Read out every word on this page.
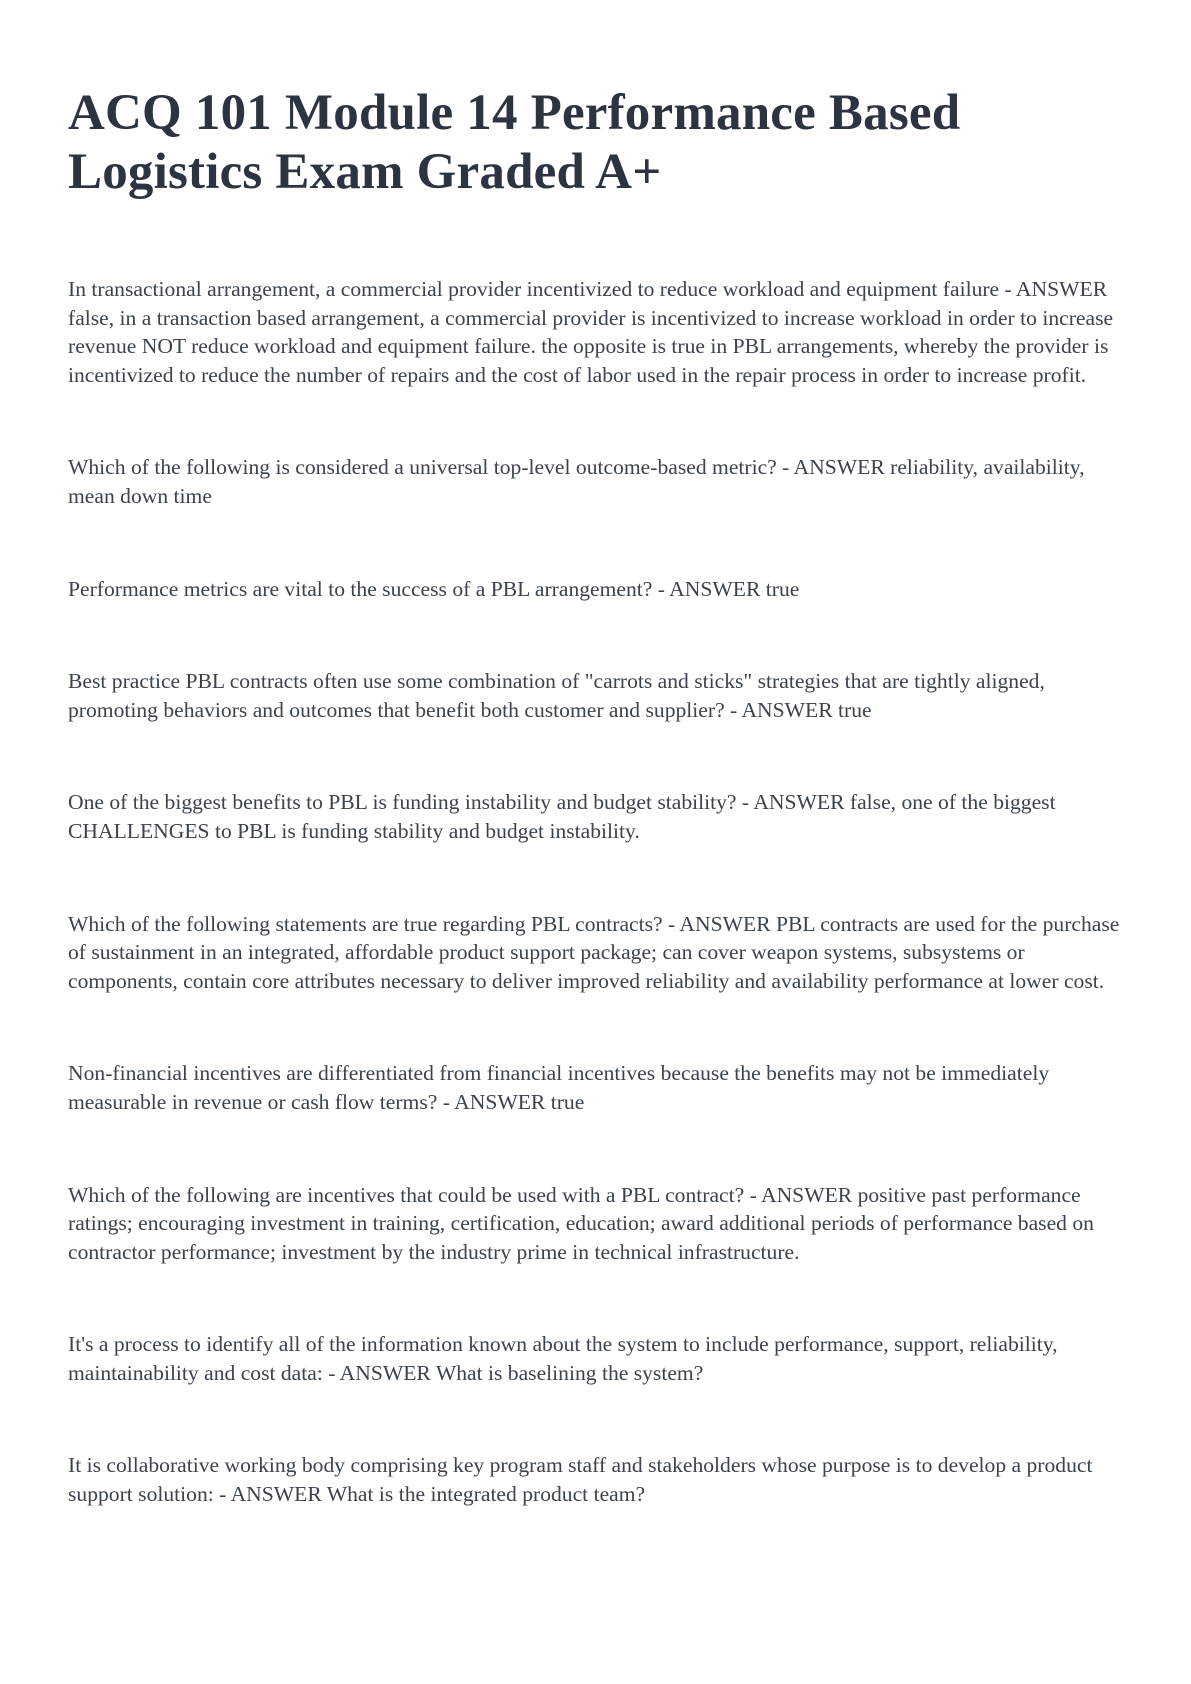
ACQ 101 Module 14 Performance Based Logistics Exam Graded A+

In transactional arrangement, a commercial provider incentivized to reduce workload and equipment failure - ANSWER false, in a transaction based arrangement, a commercial provider is incentivized to increase workload in order to increase revenue NOT reduce workload and equipment failure. the opposite is true in PBL arrangements, whereby the provider is incentivized to reduce the number of repairs and the cost of labor used in the repair process in order to increase profit.

Which of the following is considered a universal top-level outcome-based metric? - ANSWER reliability, availability, mean down time

Performance metrics are vital to the success of a PBL arrangement? - ANSWER true

Best practice PBL contracts often use some combination of "carrots and sticks" strategies that are tightly aligned, promoting behaviors and outcomes that benefit both customer and supplier? - ANSWER true

One of the biggest benefits to PBL is funding instability and budget stability? - ANSWER false, one of the biggest CHALLENGES to PBL is funding stability and budget instability.

Which of the following statements are true regarding PBL contracts? - ANSWER PBL contracts are used for the purchase of sustainment in an integrated, affordable product support package; can cover weapon systems, subsystems or components, contain core attributes necessary to deliver improved reliability and availability performance at lower cost.

Non-financial incentives are differentiated from financial incentives because the benefits may not be immediately measurable in revenue or cash flow terms? - ANSWER true

Which of the following are incentives that could be used with a PBL contract? - ANSWER positive past performance ratings; encouraging investment in training, certification, education; award additional periods of performance based on contractor performance; investment by the industry prime in technical infrastructure.

It's a process to identify all of the information known about the system to include performance, support, reliability, maintainability and cost data: - ANSWER What is baselining the system?

It is collaborative working body comprising key program staff and stakeholders whose purpose is to develop a product support solution: - ANSWER What is the integrated product team?
